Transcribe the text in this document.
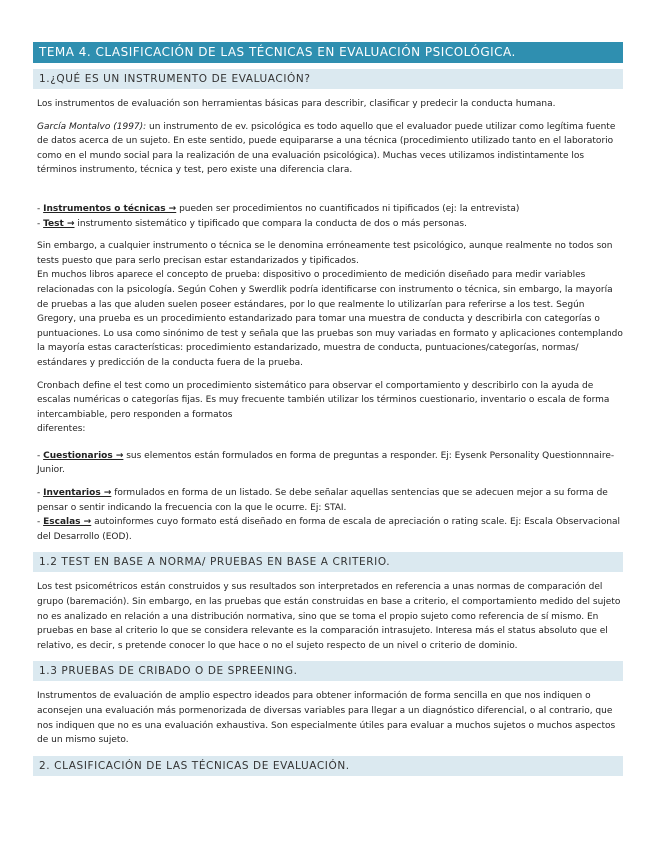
TEMA 4. CLASIFICACIÓN DE LAS TÉCNICAS EN EVALUACIÓN PSICOLÓGICA.
1.¿QUÉ ES UN INSTRUMENTO DE EVALUACIÓN?

Los instrumentos de evaluación son herramientas básicas para describir, clasificar y predecir la conducta humana.

García Montalvo (1997): un instrumento de ev. psicológica es todo aquello que el evaluador puede utilizar como legítima fuente de datos acerca de un sujeto. En este sentido, puede equipararse a una técnica (procedimiento utilizado tanto en el laboratorio como en el mundo social para la realización de una evaluación psicológica). Muchas veces utilizamos indistintamente los términos instrumento, técnica y test, pero existe una diferencia clara.

- Instrumentos o técnicas → pueden ser procedimientos no cuantificados ni tipificados (ej: la entrevista)

- Test → instrumento sistemático y tipificado que compara la conducta de dos o más personas.

Sin embargo, a cualquier instrumento o técnica se le denomina erróneamente test psicológico, aunque realmente no todos son tests puesto que para serlo precisan estar estandarizados y tipificados.

En muchos libros aparece el concepto de prueba: dispositivo o procedimiento de medición diseñado para medir variables relacionadas con la psicología. Según Cohen y Swerdlik podría identificarse con instrumento o técnica, sin embargo, la mayoría de pruebas a las que aluden suelen poseer estándares, por lo que realmente lo utilizarían para referirse a los test. Según Gregory, una prueba es un procedimiento estandarizado para tomar una muestra de conducta y describirla con categorías o puntuaciones. Lo usa como sinónimo de test y señala que las pruebas son muy variadas en formato y aplicaciones contemplando la mayoría estas características: procedimiento estandarizado, muestra de conducta, puntuaciones/categorías, normas/ estándares y predicción de la conducta fuera de la prueba.

Cronbach define el test como un procedimiento sistemático para observar el comportamiento y describirlo con la ayuda de escalas numéricas o categorías fijas. Es muy frecuente también utilizar los términos cuestionario, inventario o escala de forma intercambiable, pero responden a formatos
diferentes:

- Cuestionarios → sus elementos están formulados en forma de preguntas a responder. Ej: Eysenk Personality Questionnnaire-Junior.

- Inventarios → formulados en forma de un listado. Se debe señalar aquellas sentencias que se adecuen mejor a su forma de pensar o sentir indicando la frecuencia con la que le ocurre. Ej: STAI.

- Escalas → autoinformes cuyo formato está diseñado en forma de escala de apreciación o rating scale. Ej: Escala Observacional del Desarrollo (EOD).

1.2 TEST EN BASE A NORMA/ PRUEBAS EN BASE A CRITERIO.

Los test psicométricos están construidos y sus resultados son interpretados en referencia a unas normas de comparación del grupo (baremación). Sin embargo, en las pruebas que están construidas en base a criterio, el comportamiento medido del sujeto no es analizado en relación a una distribución normativa, sino que se toma el propio sujeto como referencia de sí mismo. En pruebas en base al criterio lo que se considera relevante es la comparación intrasujeto. Interesa más el status absoluto que el relativo, es decir, s pretende conocer lo que hace o no el sujeto respecto de un nivel o criterio de dominio.

1.3 PRUEBAS DE CRIBADO O DE SPREENING.

Instrumentos de evaluación de amplio espectro ideados para obtener información de forma sencilla en que nos indiquen o aconsejen una evaluación más pormenorizada de diversas variables para llegar a un diagnóstico diferencial, o al contrario, que nos indiquen que no es una evaluación exhaustiva. Son especialmente útiles para evaluar a muchos sujetos o muchos aspectos de un mismo sujeto.

2. CLASIFICACIÓN DE LAS TÉCNICAS DE EVALUACIÓN.
